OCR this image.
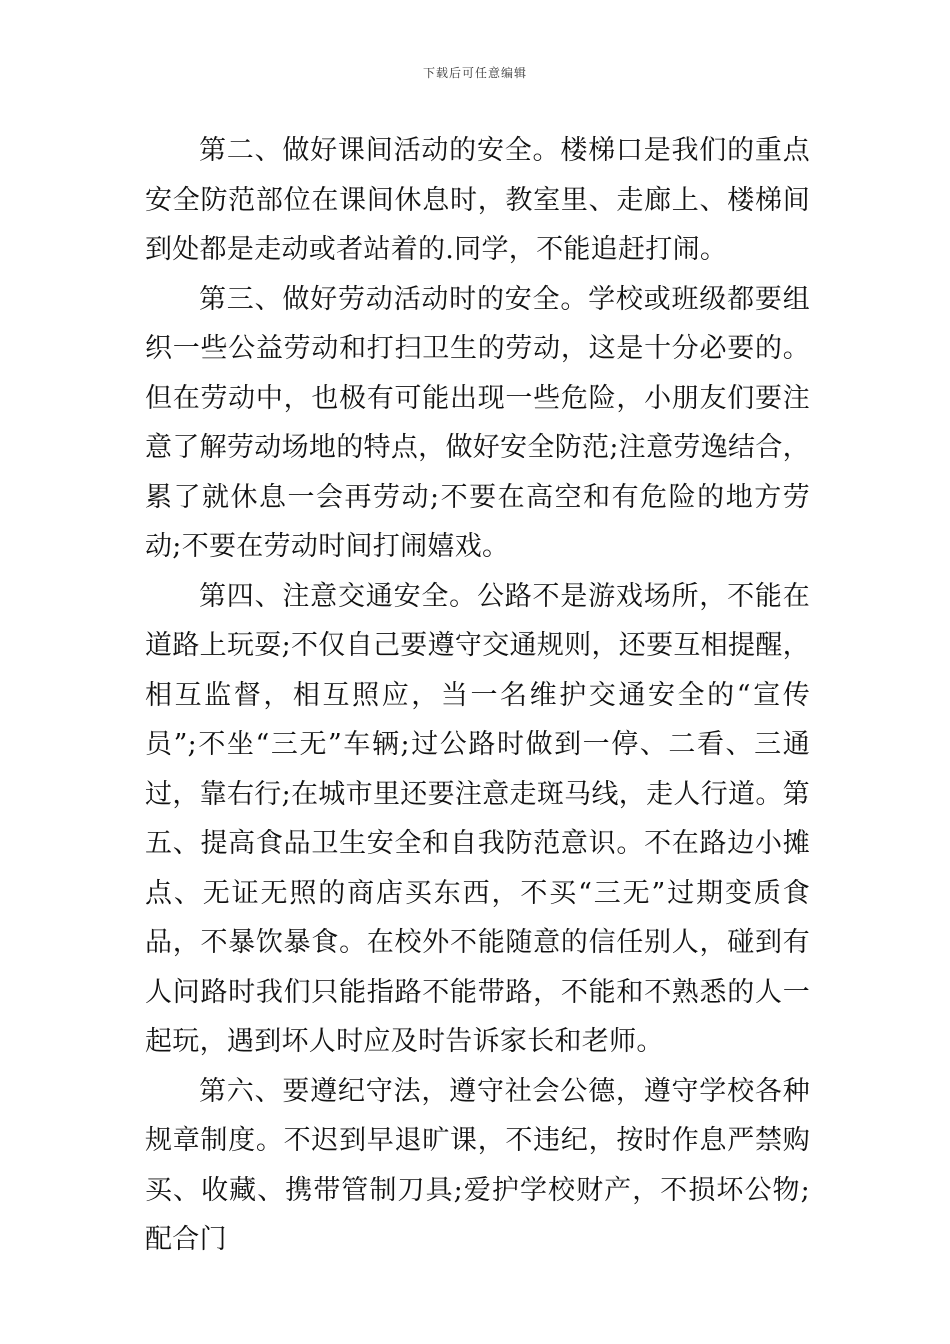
下载后可任意编辑

第二、做好课间活动的安全。楼梯口是我们的重点安全防范部位在课间休息时，教室里、走廊上、楼梯间到处都是走动或者站着的.同学，不能追赶打闹。

第三、做好劳动活动时的安全。学校或班级都要组织一些公益劳动和打扫卫生的劳动，这是十分必要的。但在劳动中，也极有可能出现一些危险，小朋友们要注意了解劳动场地的特点，做好安全防范;注意劳逸结合，累了就休息一会再劳动;不要在高空和有危险的地方劳动;不要在劳动时间打闹嬉戏。

第四、注意交通安全。公路不是游戏场所，不能在道路上玩耍;不仅自己要遵守交通规则，还要互相提醒，相互监督，相互照应，当一名维护交通安全的“宣传员”;不坐“三无”车辆;过公路时做到一停、二看、三通过，靠右行;在城市里还要注意走斑马线，走人行道。第五、提高食品卫生安全和自我防范意识。不在路边小摊点、无证无照的商店买东西，不买“三无”过期变质食品，不暴饮暴食。在校外不能随意的信任别人，碰到有人问路时我们只能指路不能带路，不能和不熟悉的人一起玩，遇到坏人时应及时告诉家长和老师。

第六、要遵纪守法，遵守社会公德，遵守学校各种规章制度。不迟到早退旷课，不违纪，按时作息严禁购买、收藏、携带管制刀具;爱护学校财产，不损坏公物;配合门
